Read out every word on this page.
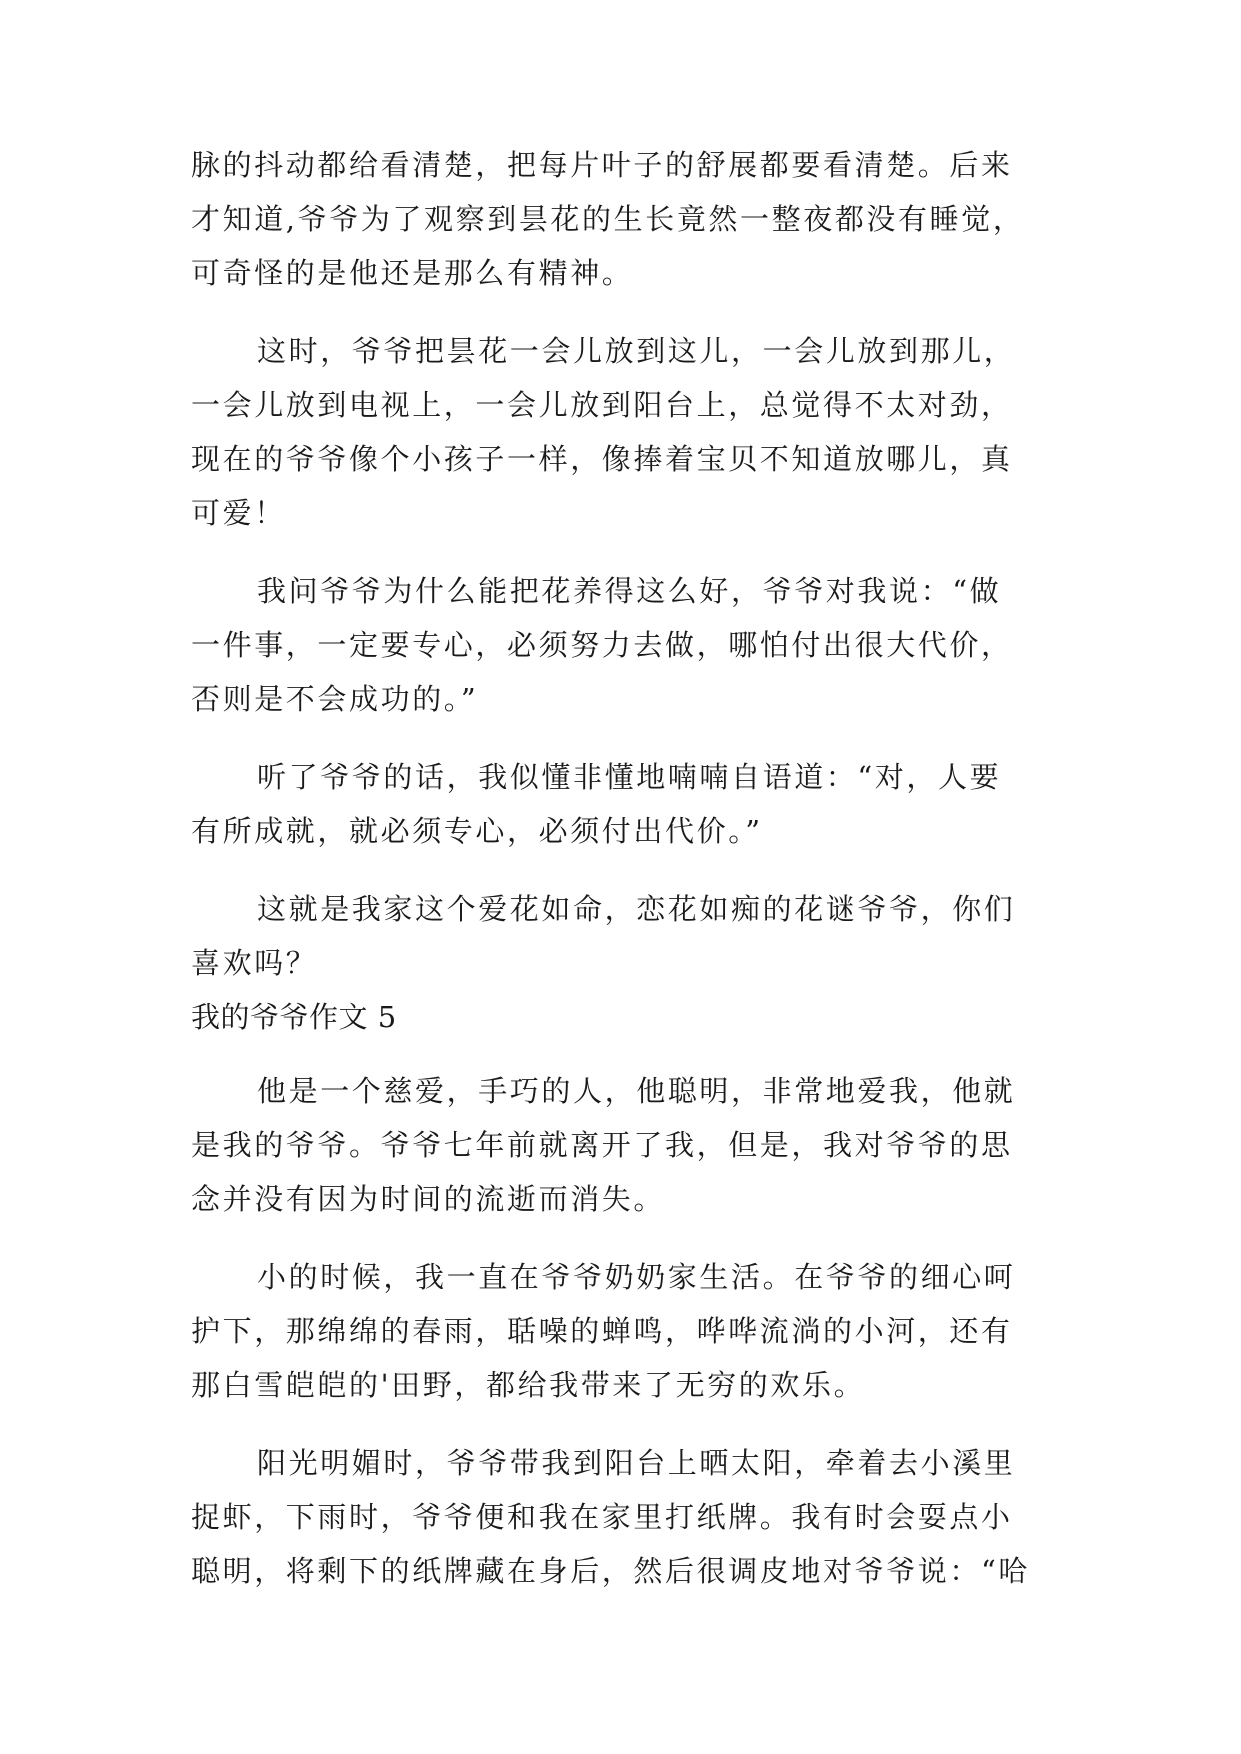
脉的抖动都给看清楚，把每片叶子的舒展都要看清楚。后来
才知道,爷爷为了观察到昙花的生长竟然一整夜都没有睡觉，
可奇怪的是他还是那么有精神。
这时，爷爷把昙花一会儿放到这儿，一会儿放到那儿，
一会儿放到电视上，一会儿放到阳台上，总觉得不太对劲，
现在的爷爷像个小孩子一样，像捧着宝贝不知道放哪儿，真
可爱！
我问爷爷为什么能把花养得这么好，爷爷对我说：“做
一件事，一定要专心，必须努力去做，哪怕付出很大代价，
否则是不会成功的。”
听了爷爷的话，我似懂非懂地喃喃自语道：“对，人要
有所成就，就必须专心，必须付出代价。”
这就是我家这个爱花如命，恋花如痴的花谜爷爷，你们
喜欢吗？
我的爷爷作文 5
他是一个慈爱，手巧的人，他聪明，非常地爱我，他就
是我的爷爷。爷爷七年前就离开了我，但是，我对爷爷的思
念并没有因为时间的流逝而消失。
小的时候，我一直在爷爷奶奶家生活。在爷爷的细心呵
护下，那绵绵的春雨，聒噪的蝉鸣，哗哗流淌的小河，还有
那白雪皑皑的'田野，都给我带来了无穷的欢乐。
阳光明媚时，爷爷带我到阳台上晒太阳，牵着去小溪里
捉虾，下雨时，爷爷便和我在家里打纸牌。我有时会耍点小
聪明，将剩下的纸牌藏在身后，然后很调皮地对爷爷说：“哈
